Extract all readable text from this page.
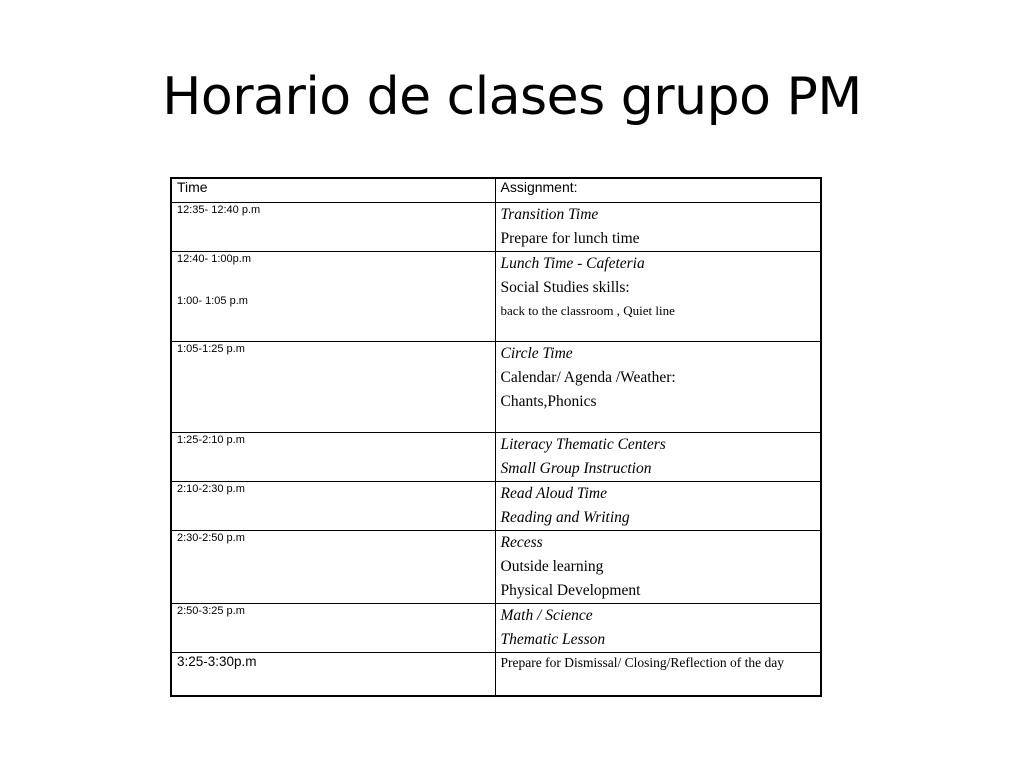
Horario de clases grupo PM
Time	Assignment:

12:35- 12:40 p.m	Transition Time
Prepare for lunch time

12:40- 1:00p.m
1:00- 1:05 p.m	Lunch Time - Cafeteria
Social Studies skills:
back to the classroom , Quiet line

1:05-1:25 p.m	Circle Time
Calendar/ Agenda /Weather:
Chants,Phonics

1:25-2:10 p.m	Literacy Thematic Centers
Small Group Instruction

2:10-2:30 p.m	Read Aloud Time
Reading and Writing

2:30-2:50 p.m	Recess
Outside learning
Physical Development

2:50-3:25 p.m	Math / Science
Thematic Lesson

3:25-3:30p.m	Prepare for Dismissal/ Closing/Reflection of the day
